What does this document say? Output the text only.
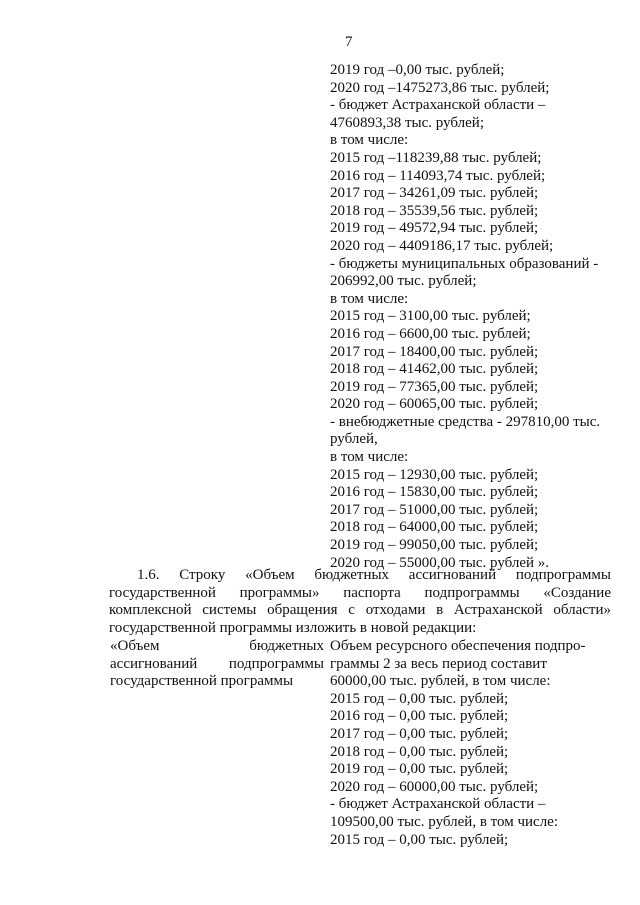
7
2019 год –0,00 тыс. рублей;
2020 год –1475273,86 тыс. рублей;
- бюджет Астраханской области –
4760893,38 тыс. рублей;
в том числе:
2015 год –118239,88 тыс. рублей;
2016 год – 114093,74 тыс. рублей;
2017 год – 34261,09 тыс. рублей;
2018 год – 35539,56 тыс. рублей;
2019 год – 49572,94 тыс. рублей;
2020 год – 4409186,17 тыс. рублей;
- бюджеты муниципальных образований -
206992,00 тыс. рублей;
в том числе:
2015 год – 3100,00 тыс. рублей;
2016 год – 6600,00 тыс. рублей;
2017 год – 18400,00 тыс. рублей;
2018 год – 41462,00 тыс. рублей;
2019 год – 77365,00 тыс. рублей;
2020 год – 60065,00 тыс. рублей;
- внебюджетные средства - 297810,00 тыс.
рублей,
в том числе:
2015 год – 12930,00 тыс. рублей;
2016 год – 15830,00 тыс. рублей;
2017 год – 51000,00 тыс. рублей;
2018 год – 64000,00 тыс. рублей;
2019 год – 99050,00 тыс. рублей;
2020 год – 55000,00 тыс. рублей ».
1.6. Строку «Объем бюджетных ассигнований подпрограммы государственной программы» паспорта подпрограммы «Создание комплексной системы обращения с отходами в Астраханской области» государственной программы изложить в новой редакции:
«Объем бюджетных ассигнований подпрограммы государственной программы
Объем ресурсного обеспечения подпро-
граммы 2 за весь период составит
60000,00 тыс. рублей, в том числе:
2015 год – 0,00 тыс. рублей;
2016 год – 0,00 тыс. рублей;
2017 год – 0,00 тыс. рублей;
2018 год – 0,00 тыс. рублей;
2019 год – 0,00 тыс. рублей;
2020 год – 60000,00 тыс. рублей;
- бюджет Астраханской области –
109500,00 тыс. рублей, в том числе:
2015 год – 0,00 тыс. рублей;
